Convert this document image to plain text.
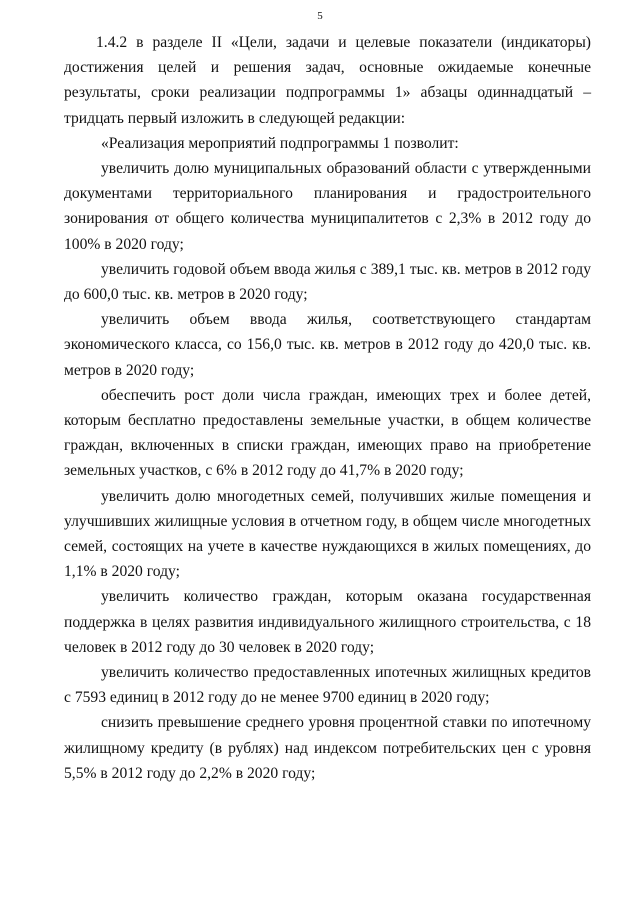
5

1.4.2 в разделе II «Цели, задачи и целевые показатели (индикаторы) достижения целей и решения задач, основные ожидаемые конечные результаты, сроки реализации подпрограммы 1» абзацы одиннадцатый – тридцать первый изложить в следующей редакции:

«Реализация мероприятий подпрограммы 1 позволит:

увеличить долю муниципальных образований области с утвержденными документами территориального планирования и градостроительного зонирования от общего количества муниципалитетов с 2,3% в 2012 году до 100% в 2020 году;

увеличить годовой объем ввода жилья с 389,1 тыс. кв. метров в 2012 году до 600,0 тыс. кв. метров в 2020 году;

увеличить объем ввода жилья, соответствующего стандартам экономического класса, со 156,0 тыс. кв. метров в 2012 году до 420,0 тыс. кв. метров в 2020 году;

обеспечить рост доли числа граждан, имеющих трех и более детей, которым бесплатно предоставлены земельные участки, в общем количестве граждан, включенных в списки граждан, имеющих право на приобретение земельных участков, с 6% в 2012 году до 41,7% в 2020 году;

увеличить долю многодетных семей, получивших жилые помещения и улучшивших жилищные условия в отчетном году, в общем числе многодетных семей, состоящих на учете в качестве нуждающихся в жилых помещениях, до 1,1% в 2020 году;

увеличить количество граждан, которым оказана государственная поддержка в целях развития индивидуального жилищного строительства, с 18 человек в 2012 году до 30 человек в 2020 году;

увеличить количество предоставленных ипотечных жилищных кредитов с 7593 единиц в 2012 году до не менее 9700 единиц в 2020 году;

снизить превышение среднего уровня процентной ставки по ипотечному жилищному кредиту (в рублях) над индексом потребительских цен с уровня 5,5% в 2012 году до 2,2% в 2020 году;
